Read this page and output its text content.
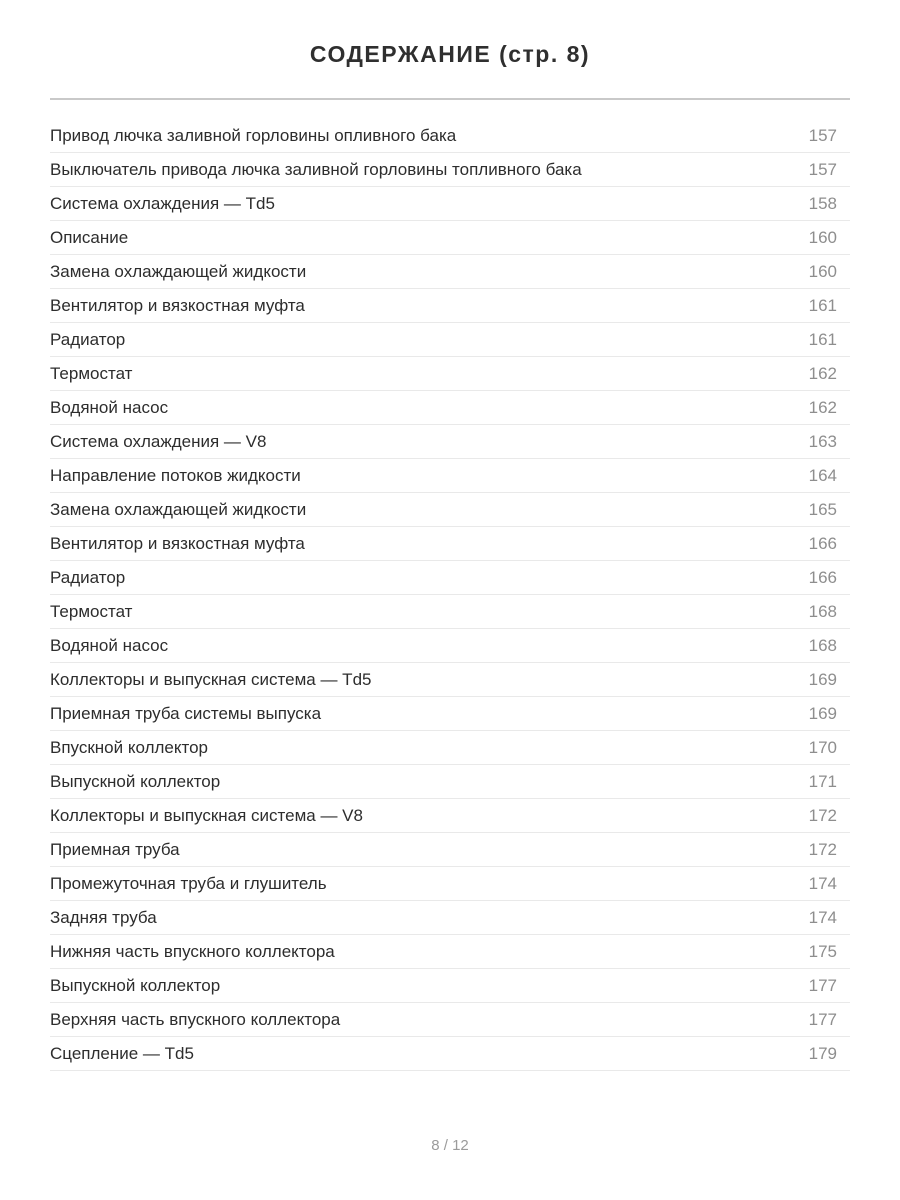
СОДЕРЖАНИЕ (стр. 8)
Привод лючка заливной горловины опливного бака	157
Выключатель привода лючка заливной горловины топливного бака	157
Система охлаждения — Td5	158
Описание	160
Замена охлаждающей жидкости	160
Вентилятор и вязкостная муфта	161
Радиатор	161
Термостат	162
Водяной насос	162
Система охлаждения — V8	163
Направление потоков жидкости	164
Замена охлаждающей жидкости	165
Вентилятор и вязкостная муфта	166
Радиатор	166
Термостат	168
Водяной насос	168
Коллекторы и выпускная система — Td5	169
Приемная труба системы выпуска	169
Впускной коллектор	170
Выпускной коллектор	171
Коллекторы и выпускная система — V8	172
Приемная труба	172
Промежуточная труба и глушитель	174
Задняя труба	174
Нижняя часть впускного коллектора	175
Выпускной коллектор	177
Верхняя часть впускного коллектора	177
Сцепление — Td5	179
8 / 12
